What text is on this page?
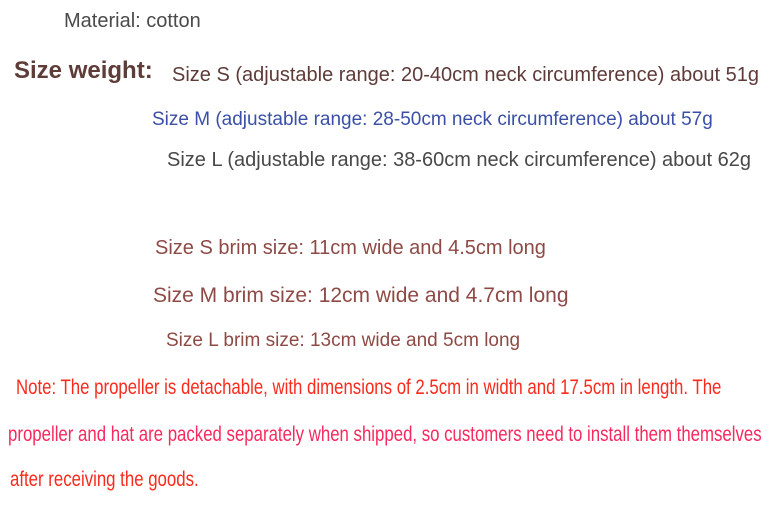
Material: cotton
Size weight: Size S (adjustable range: 20-40cm neck circumference) about 51g
Size M (adjustable range: 28-50cm neck circumference) about 57g
Size L (adjustable range: 38-60cm neck circumference) about 62g
Size S brim size: 11cm wide and 4.5cm long
Size M brim size: 12cm wide and 4.7cm long
Size L brim size: 13cm wide and 5cm long
Note: The propeller is detachable, with dimensions of 2.5cm in width and 17.5cm in length. The
propeller and hat are packed separately when shipped, so customers need to install them themselves
after receiving the goods.
